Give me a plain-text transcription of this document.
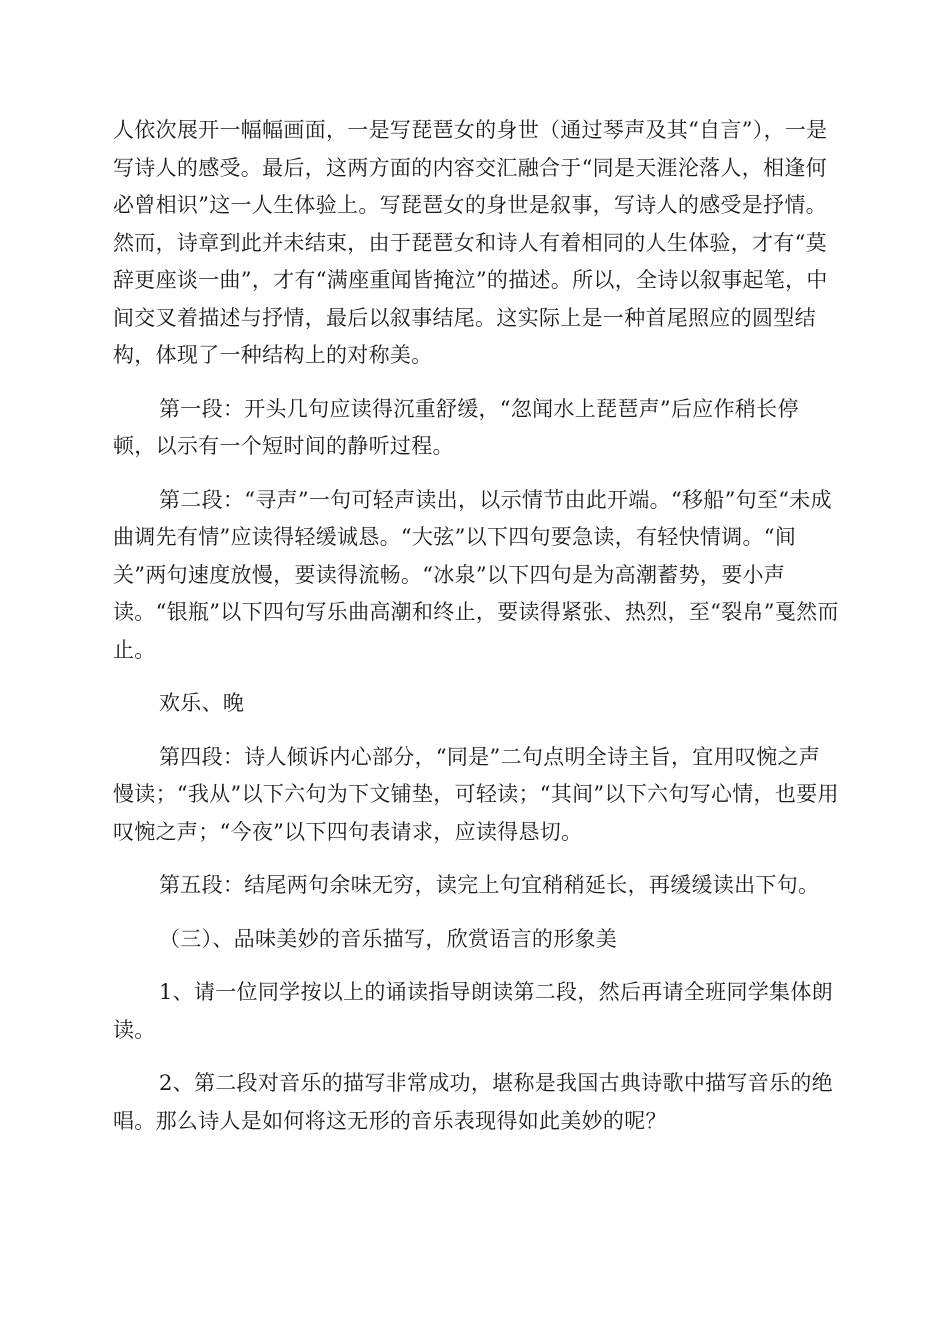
人依次展开一幅幅画面，一是写琵琶女的身世（通过琴声及其“自言”），一是写诗人的感受。最后，这两方面的内容交汇融合于“同是天涯沦落人，相逢何必曾相识”这一人生体验上。写琵琶女的身世是叙事，写诗人的感受是抒情。然而，诗章到此并未结束，由于琵琶女和诗人有着相同的人生体验，才有“莫辞更座谈一曲”，才有“满座重闻皆掩泣”的描述。所以，全诗以叙事起笔，中间交叉着描述与抒情，最后以叙事结尾。这实际上是一种首尾照应的圆型结构，体现了一种结构上的对称美。

第一段：开头几句应读得沉重舒缓，“忽闻水上琵琶声”后应作稍长停顿，以示有一个短时间的静听过程。

第二段：“寻声”一句可轻声读出，以示情节由此开端。“移船”句至“未成曲调先有情”应读得轻缓诚恳。“大弦”以下四句要急读，有轻快情调。“间关”两句速度放慢，要读得流畅。“冰泉”以下四句是为高潮蓄势，要小声读。“银瓶”以下四句写乐曲高潮和终止，要读得紧张、热烈，至“裂帛”戛然而止。

欢乐、晚

第四段：诗人倾诉内心部分，“同是”二句点明全诗主旨，宜用叹惋之声慢读；“我从”以下六句为下文铺垫，可轻读；“其间”以下六句写心情，也要用叹惋之声；“今夜”以下四句表请求，应读得恳切。

第五段：结尾两句余味无穷，读完上句宜稍稍延长，再缓缓读出下句。

（三）、品味美妙的音乐描写，欣赏语言的形象美

1、请一位同学按以上的诵读指导朗读第二段，然后再请全班同学集体朗读。

2、第二段对音乐的描写非常成功，堪称是我国古典诗歌中描写音乐的绝唱。那么诗人是如何将这无形的音乐表现得如此美妙的呢？
